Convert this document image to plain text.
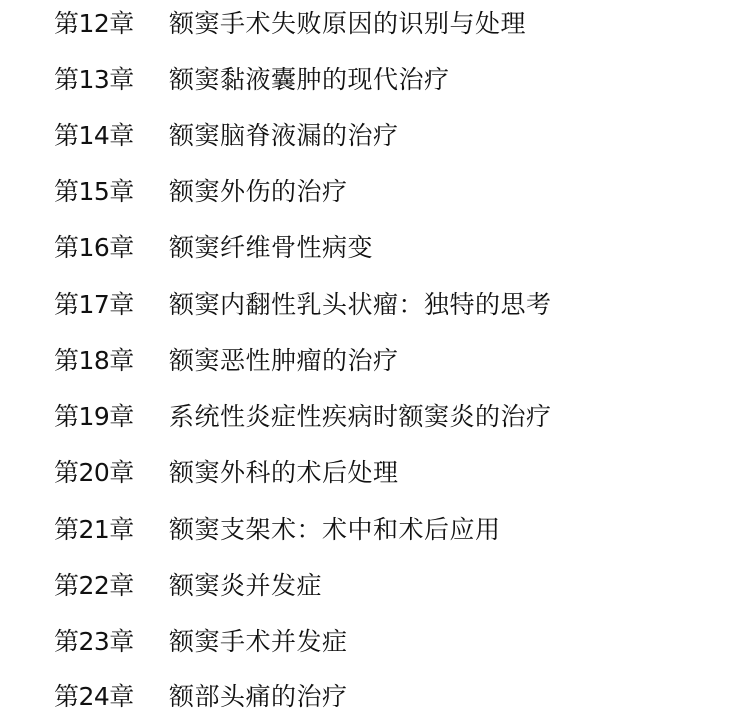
第12章	额窦手术失败原因的识别与处理
第13章	额窦黏液囊肿的现代治疗
第14章	额窦脑脊液漏的治疗
第15章	额窦外伤的治疗
第16章	额窦纤维骨性病变
第17章	额窦内翻性乳头状瘤：独特的思考
第18章	额窦恶性肿瘤的治疗
第19章	系统性炎症性疾病时额窦炎的治疗
第20章	额窦外科的术后处理
第21章	额窦支架术：术中和术后应用
第22章	额窦炎并发症
第23章	额窦手术并发症
第24章	额部头痛的治疗
